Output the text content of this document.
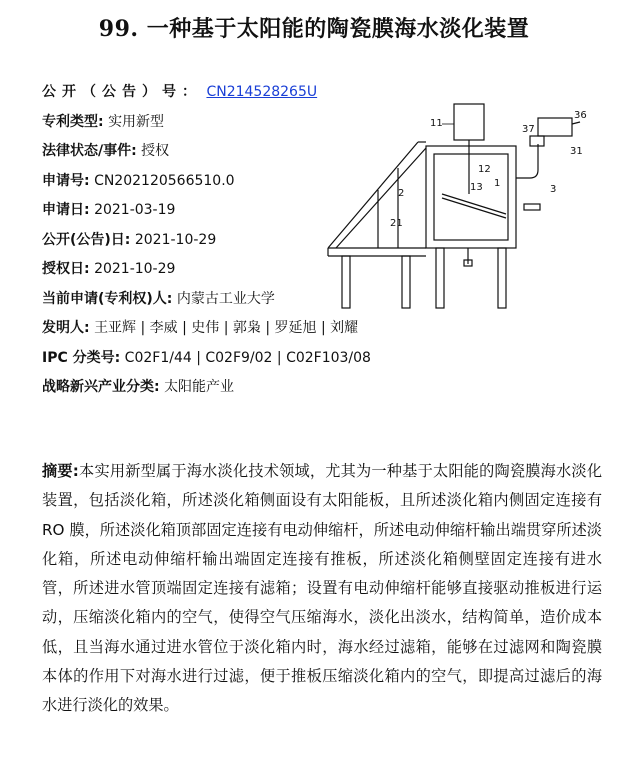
99. 一种基于太阳能的陶瓷膜海水淡化装置
公开（公告）号： CN214528265U
专利类型: 实用新型
法律状态/事件: 授权
申请号: CN202120566510.0
申请日: 2021-03-19
公开(公告)日: 2021-10-29
授权日: 2021-10-29
当前申请(专利权)人: 内蒙古工业大学
发明人: 王亚辉 | 李威 | 史伟 | 郭枭 | 罗延旭 | 刘耀
IPC 分类号: C02F1/44 | C02F9/02 | C02F103/08
战略新兴产业分类: 太阳能产业
11
12
1
13
2
21
3
37
36
31
摘要:本实用新型属于海水淡化技术领域，尤其为一种基于太阳能的陶瓷膜海水淡化装置，包括淡化箱，所述淡化箱侧面设有太阳能板，且所述淡化箱内侧固定连接有 RO 膜，所述淡化箱顶部固定连接有电动伸缩杆，所述电动伸缩杆输出端贯穿所述淡化箱，所述电动伸缩杆输出端固定连接有推板，所述淡化箱侧壁固定连接有进水管，所述进水管顶端固定连接有滤箱；设置有电动伸缩杆能够直接驱动推板进行运动，压缩淡化箱内的空气，使得空气压缩海水，淡化出淡水，结构简单，造价成本低，且当海水通过进水管位于淡化箱内时，海水经过滤箱，能够在过滤网和陶瓷膜本体的作用下对海水进行过滤，便于推板压缩淡化箱内的空气，即提高过滤后的海水进行淡化的效果。
